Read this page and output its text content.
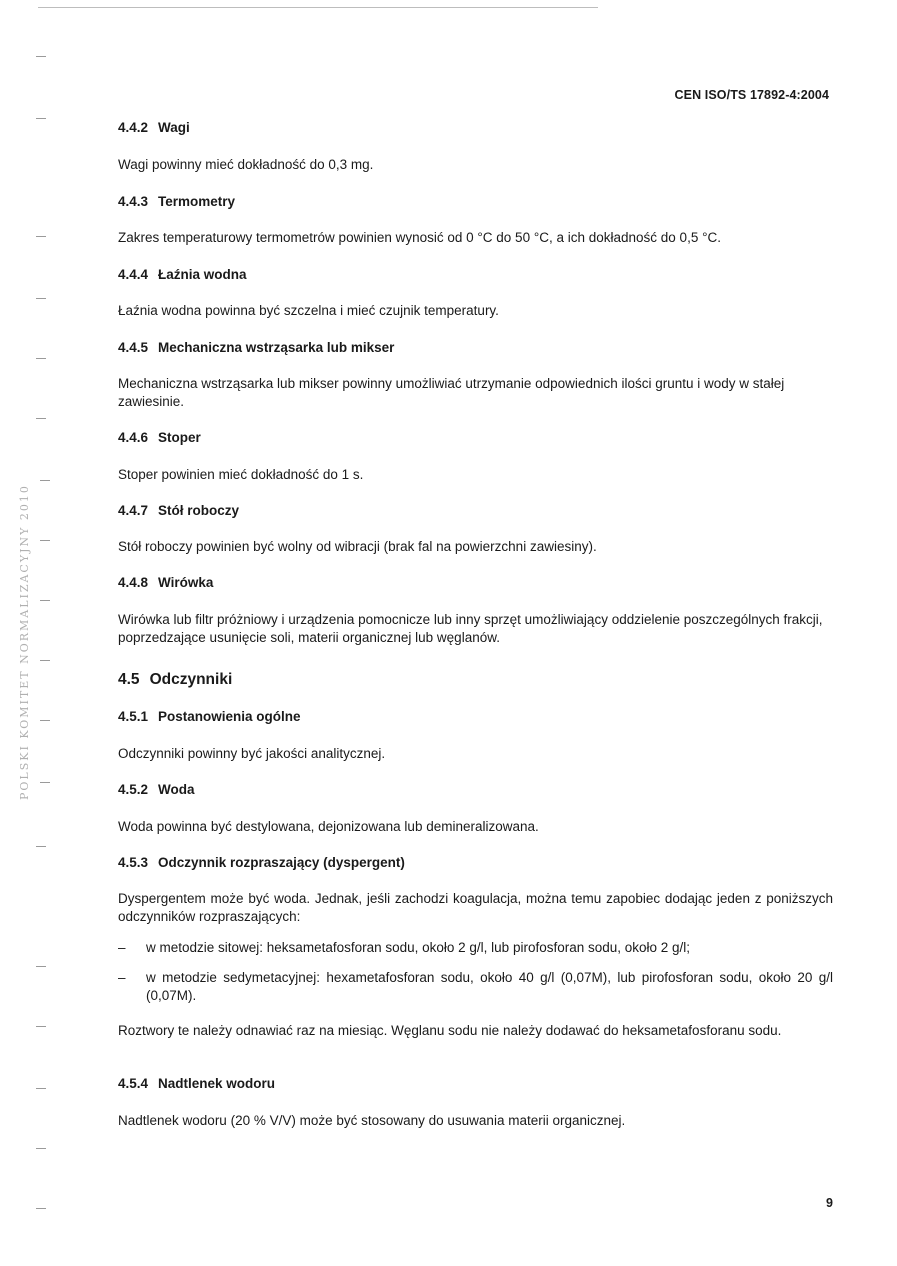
POLSKI KOMITET NORMALIZACYJNY 2010
CEN ISO/TS 17892-4:2004
4.4.2 Wagi
Wagi powinny mieć dokładność do 0,3 mg.
4.4.3 Termometry
Zakres temperaturowy termometrów powinien wynosić od 0 °C do 50 °C, a ich dokładność do 0,5 °C.
4.4.4 Łaźnia wodna
Łaźnia wodna powinna być szczelna i mieć czujnik temperatury.
4.4.5 Mechaniczna wstrząsarka lub mikser
Mechaniczna wstrząsarka lub mikser powinny umożliwiać utrzymanie odpowiednich ilości gruntu i wody w stałej zawiesinie.
4.4.6 Stoper
Stoper powinien mieć dokładność do 1 s.
4.4.7 Stół roboczy
Stół roboczy powinien być wolny od wibracji (brak fal na powierzchni zawiesiny).
4.4.8 Wirówka
Wirówka lub filtr próżniowy i urządzenia pomocnicze lub inny sprzęt umożliwiający oddzielenie poszczególnych frakcji, poprzedzające usunięcie soli, materii organicznej lub węglanów.
4.5 Odczynniki
4.5.1 Postanowienia ogólne
Odczynniki powinny być jakości analitycznej.
4.5.2 Woda
Woda powinna być destylowana, dejonizowana lub demineralizowana.
4.5.3 Odczynnik rozpraszający (dyspergent)
Dyspergentem może być woda. Jednak, jeśli zachodzi koagulacja, można temu zapobiec dodając jeden z poniższych odczynników rozpraszających:
– w metodzie sitowej: heksametafosforan sodu, około 2 g/l, lub pirofosforan sodu, około 2 g/l;
– w metodzie sedymetacyjnej: hexametafosforan sodu, około 40 g/l (0,07M), lub pirofosforan sodu, około 20 g/l (0,07M).
Roztwory te należy odnawiać raz na miesiąc. Węglanu sodu nie należy dodawać do heksametafosforanu sodu.
4.5.4 Nadtlenek wodoru
Nadtlenek wodoru (20 % V/V) może być stosowany do usuwania materii organicznej.
9
